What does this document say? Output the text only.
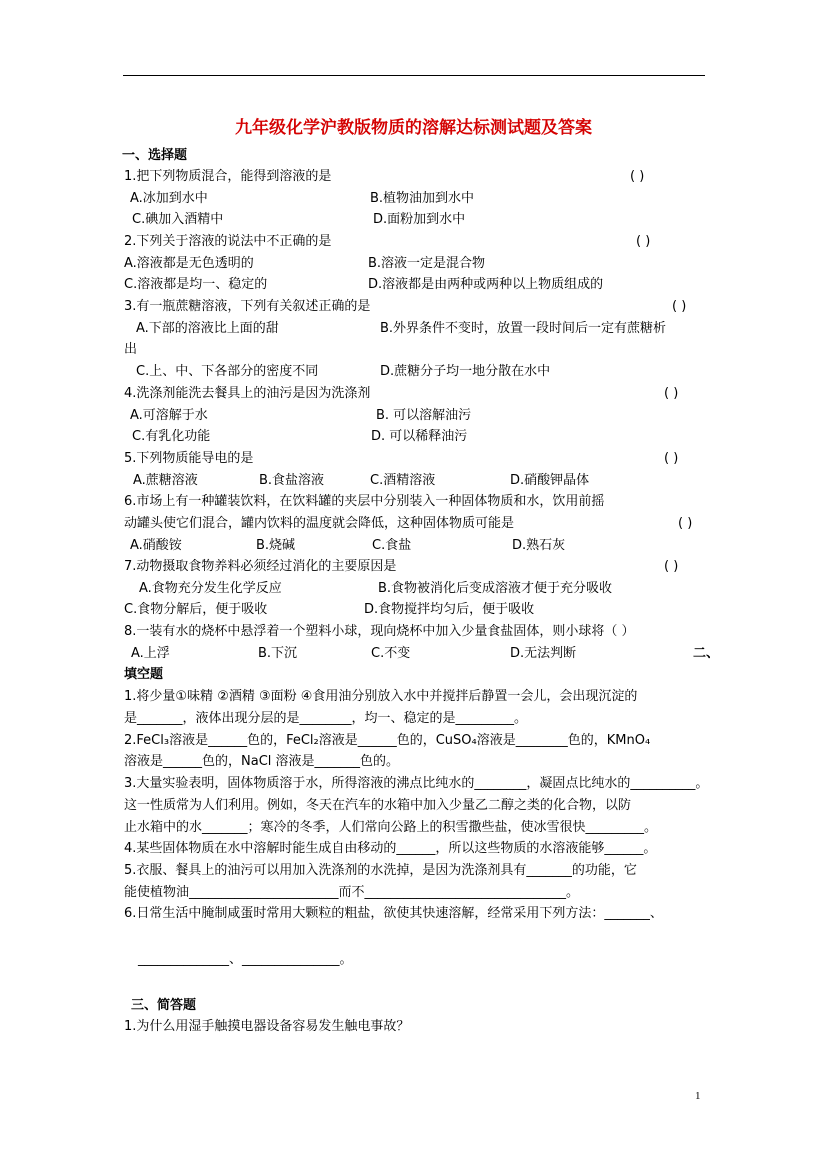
九年级化学沪教版物质的溶解达标测试题及答案
一、选择题
1.把下列物质混合，能得到溶液的是	( )
A.冰加到水中	B.植物油加到水中
C.碘加入酒精中	D.面粉加到水中
2.下列关于溶液的说法中不正确的是	( )
A.溶液都是无色透明的	B.溶液一定是混合物
C.溶液都是均一、稳定的	D.溶液都是由两种或两种以上物质组成的
3.有一瓶蔗糖溶液，下列有关叙述正确的是	( )
A.下部的溶液比上面的甜	B.外界条件不变时，放置一段时间后一定有蔗糖析
出
C.上、中、下各部分的密度不同	D.蔗糖分子均一地分散在水中
4.洗涤剂能洗去餐具上的油污是因为洗涤剂	( )
A.可溶解于水	B. 可以溶解油污
C.有乳化功能	D. 可以稀释油污
5.下列物质能导电的是	( )
A.蔗糖溶液	B.食盐溶液	C.酒精溶液	D.硝酸钾晶体
6.市场上有一种罐装饮料，在饮料罐的夹层中分别装入一种固体物质和水，饮用前摇
动罐头使它们混合，罐内饮料的温度就会降低，这种固体物质可能是	( )
A.硝酸铵	B.烧碱	C.食盐	D.熟石灰
7.动物摄取食物养料必须经过消化的主要原因是	( )
A.食物充分发生化学反应	B.食物被消化后变成溶液才便于充分吸收
C.食物分解后，便于吸收	D.食物搅拌均匀后，便于吸收
8.一装有水的烧杯中悬浮着一个塑料小球，现向烧杯中加入少量食盐固体，则小球将（ ）
A.上浮	B.下沉	C.不变	D.无法判断	二、
填空题
1.将少量①味精 ②酒精 ③面粉 ④食用油分别放入水中并搅拌后静置一会儿，会出现沉淀的
是_______，液体出现分层的是________，均一、稳定的是_________。
2.FeCl₃溶液是______色的，FeCl₂溶液是______色的，CuSO₄溶液是________色的，KMnO₄
溶液是______色的，NaCl 溶液是_______色的。
3.大量实验表明，固体物质溶于水，所得溶液的沸点比纯水的________，凝固点比纯水的__________。
这一性质常为人们利用。例如，冬天在汽车的水箱中加入少量乙二醇之类的化合物，以防
止水箱中的水_______；寒冷的冬季，人们常向公路上的积雪撒些盐，使冰雪很快_________。
4.某些固体物质在水中溶解时能生成自由移动的______，所以这些物质的水溶液能够______。
5.衣服、餐具上的油污可以用加入洗涤剂的水洗掉，是因为洗涤剂具有_______的功能，它
能使植物油_______________________而不_______________________________。
6.日常生活中腌制咸蛋时常用大颗粒的粗盐，欲使其快速溶解，经常采用下列方法：_______、
______________、_______________。
三、简答题
1.为什么用湿手触摸电器设备容易发生触电事故？
1
